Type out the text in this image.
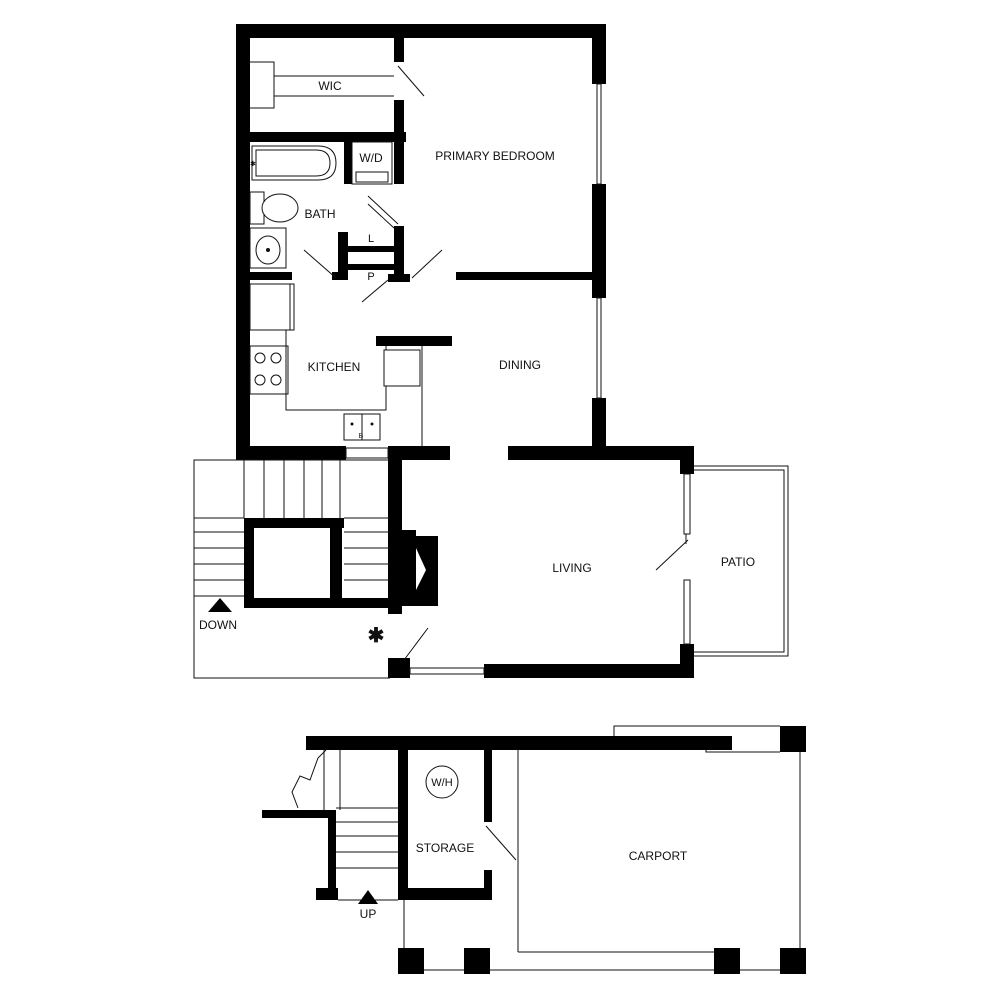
✱
WIC
PRIMARY BEDROOM
W/D
BATH
L
P
KITCHEN	DINING
LIVING	PATIO
DOWN	✱
B
W/H
STORAGE
CARPORT
UP
